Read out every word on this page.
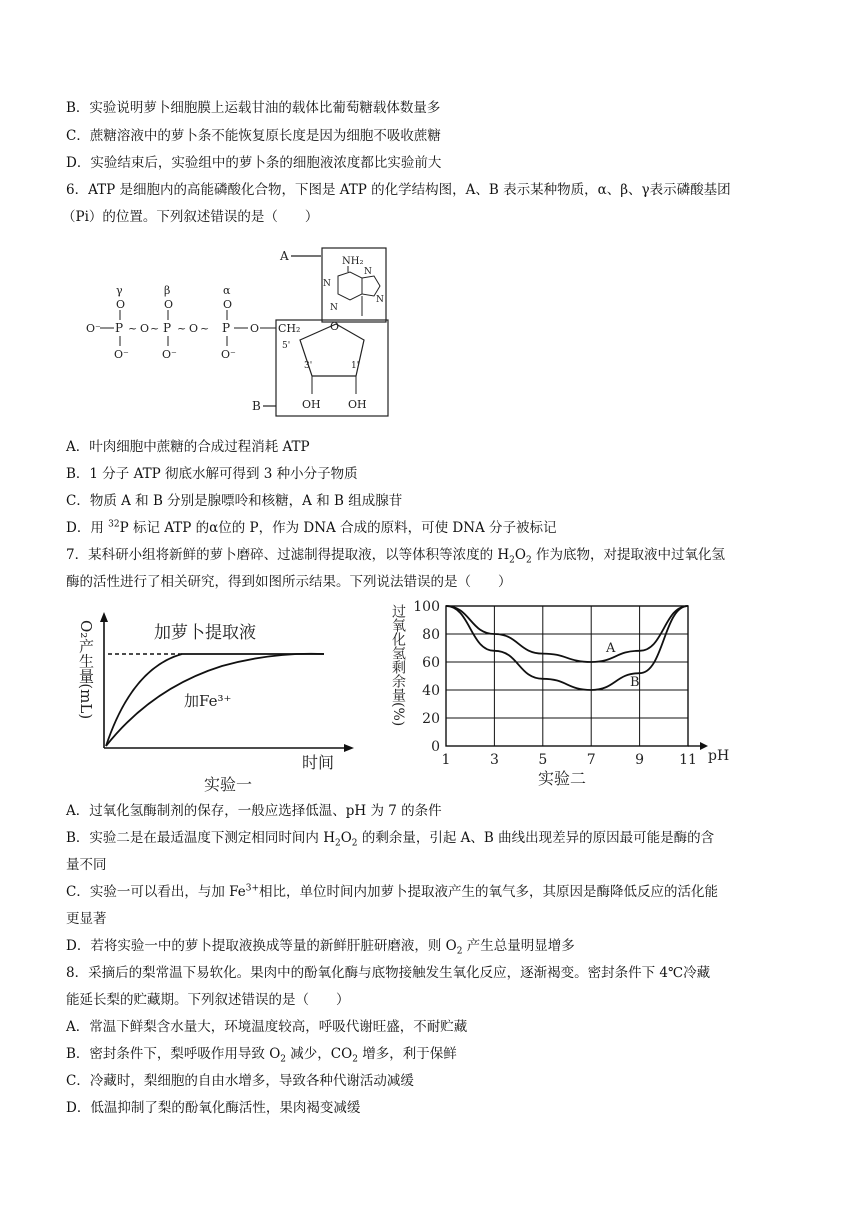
B．实验说明萝卜细胞膜上运载甘油的载体比葡萄糖载体数量多
C．蔗糖溶液中的萝卜条不能恢复原长度是因为细胞不吸收蔗糖
D．实验结束后，实验组中的萝卜条的细胞液浓度都比实验前大
6．ATP 是细胞内的高能磷酸化合物，下图是 ATP 的化学结构图，A、B 表示某种物质，α、β、γ表示磷酸基团
（Pi）的位置。下列叙述错误的是（　　）
A	NH₂
N
N
N
N
γ	β	α
O	O	O
O⁻ P ~ O ~ P ~ O ~ P O
O⁻	O⁻	O⁻
CH₂
5'
O
3'	1'
OH OH
B
A．叶肉细胞中蔗糖的合成过程消耗 ATP
B．1 分子 ATP 彻底水解可得到 3 种小分子物质
C．物质 A 和 B 分别是腺嘌呤和核糖，A 和 B 组成腺苷
D．用 $^{32}$P 标记 ATP 的α位的 P，作为 DNA 合成的原料，可使 DNA 分子被标记
7．某科研小组将新鲜的萝卜磨碎、过滤制得提取液，以等体积等浓度的 $H_2O_2$ 作为底物，对提取液中过氧化氢
酶的活性进行了相关研究，得到如图所示结果。下列说法错误的是（　　）
O₂产生量(mL)	加萝卜提取液
加Fe³⁺
时间
实验一
过氧化氢剩余量(%)
0
20
40
60
80
100
1	3	5	7	9	11
A
B
pH
实验二
A．过氧化氢酶制剂的保存，一般应选择低温、pH 为 7 的条件
B．实验二是在最适温度下测定相同时间内 $H_2O_2$ 的剩余量，引起 A、B 曲线出现差异的原因最可能是酶的含
量不同
C．实验一可以看出，与加 $Fe^{3+}$相比，单位时间内加萝卜提取液产生的氧气多，其原因是酶降低反应的活化能
更显著
D．若将实验一中的萝卜提取液换成等量的新鲜肝脏研磨液，则 $O_2$ 产生总量明显增多
8．采摘后的梨常温下易软化。果肉中的酚氧化酶与底物接触发生氧化反应，逐渐褐变。密封条件下 4℃冷藏
能延长梨的贮藏期。下列叙述错误的是（　　）
A．常温下鲜梨含水量大，环境温度较高，呼吸代谢旺盛，不耐贮藏
B．密封条件下，梨呼吸作用导致 $O_2$ 减少，$CO_2$ 增多，利于保鲜
C．冷藏时，梨细胞的自由水增多，导致各种代谢活动减缓
D．低温抑制了梨的酚氧化酶活性，果肉褐变减缓
